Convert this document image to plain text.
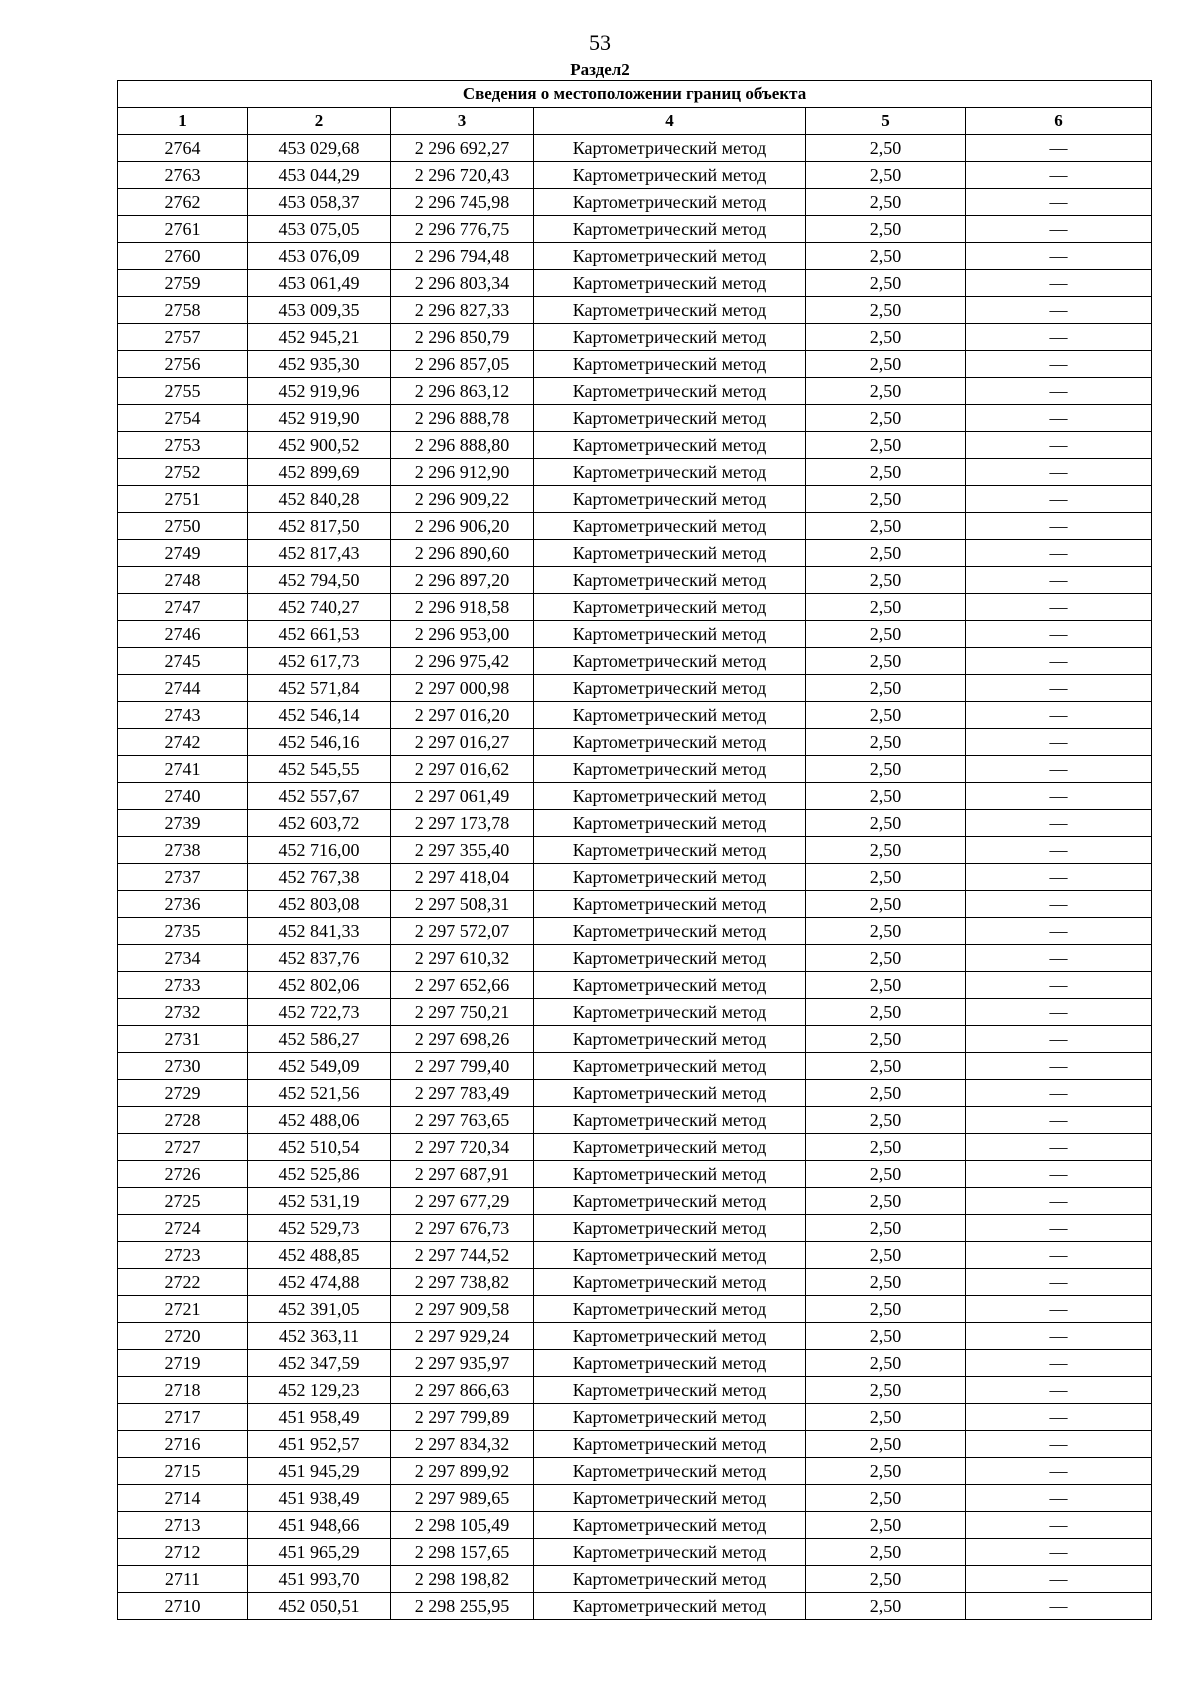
53
Раздел2
Сведения о местоположении границ объекта					
1	2	3	4	5	6
2764	453 029,68	2 296 692,27	Картометрический метод	2,50	—
2763	453 044,29	2 296 720,43	Картометрический метод	2,50	—
2762	453 058,37	2 296 745,98	Картометрический метод	2,50	—
2761	453 075,05	2 296 776,75	Картометрический метод	2,50	—
2760	453 076,09	2 296 794,48	Картометрический метод	2,50	—
2759	453 061,49	2 296 803,34	Картометрический метод	2,50	—
2758	453 009,35	2 296 827,33	Картометрический метод	2,50	—
2757	452 945,21	2 296 850,79	Картометрический метод	2,50	—
2756	452 935,30	2 296 857,05	Картометрический метод	2,50	—
2755	452 919,96	2 296 863,12	Картометрический метод	2,50	—
2754	452 919,90	2 296 888,78	Картометрический метод	2,50	—
2753	452 900,52	2 296 888,80	Картометрический метод	2,50	—
2752	452 899,69	2 296 912,90	Картометрический метод	2,50	—
2751	452 840,28	2 296 909,22	Картометрический метод	2,50	—
2750	452 817,50	2 296 906,20	Картометрический метод	2,50	—
2749	452 817,43	2 296 890,60	Картометрический метод	2,50	—
2748	452 794,50	2 296 897,20	Картометрический метод	2,50	—
2747	452 740,27	2 296 918,58	Картометрический метод	2,50	—
2746	452 661,53	2 296 953,00	Картометрический метод	2,50	—
2745	452 617,73	2 296 975,42	Картометрический метод	2,50	—
2744	452 571,84	2 297 000,98	Картометрический метод	2,50	—
2743	452 546,14	2 297 016,20	Картометрический метод	2,50	—
2742	452 546,16	2 297 016,27	Картометрический метод	2,50	—
2741	452 545,55	2 297 016,62	Картометрический метод	2,50	—
2740	452 557,67	2 297 061,49	Картометрический метод	2,50	—
2739	452 603,72	2 297 173,78	Картометрический метод	2,50	—
2738	452 716,00	2 297 355,40	Картометрический метод	2,50	—
2737	452 767,38	2 297 418,04	Картометрический метод	2,50	—
2736	452 803,08	2 297 508,31	Картометрический метод	2,50	—
2735	452 841,33	2 297 572,07	Картометрический метод	2,50	—
2734	452 837,76	2 297 610,32	Картометрический метод	2,50	—
2733	452 802,06	2 297 652,66	Картометрический метод	2,50	—
2732	452 722,73	2 297 750,21	Картометрический метод	2,50	—
2731	452 586,27	2 297 698,26	Картометрический метод	2,50	—
2730	452 549,09	2 297 799,40	Картометрический метод	2,50	—
2729	452 521,56	2 297 783,49	Картометрический метод	2,50	—
2728	452 488,06	2 297 763,65	Картометрический метод	2,50	—
2727	452 510,54	2 297 720,34	Картометрический метод	2,50	—
2726	452 525,86	2 297 687,91	Картометрический метод	2,50	—
2725	452 531,19	2 297 677,29	Картометрический метод	2,50	—
2724	452 529,73	2 297 676,73	Картометрический метод	2,50	—
2723	452 488,85	2 297 744,52	Картометрический метод	2,50	—
2722	452 474,88	2 297 738,82	Картометрический метод	2,50	—
2721	452 391,05	2 297 909,58	Картометрический метод	2,50	—
2720	452 363,11	2 297 929,24	Картометрический метод	2,50	—
2719	452 347,59	2 297 935,97	Картометрический метод	2,50	—
2718	452 129,23	2 297 866,63	Картометрический метод	2,50	—
2717	451 958,49	2 297 799,89	Картометрический метод	2,50	—
2716	451 952,57	2 297 834,32	Картометрический метод	2,50	—
2715	451 945,29	2 297 899,92	Картометрический метод	2,50	—
2714	451 938,49	2 297 989,65	Картометрический метод	2,50	—
2713	451 948,66	2 298 105,49	Картометрический метод	2,50	—
2712	451 965,29	2 298 157,65	Картометрический метод	2,50	—
2711	451 993,70	2 298 198,82	Картометрический метод	2,50	—
2710	452 050,51	2 298 255,95	Картометрический метод	2,50	—
